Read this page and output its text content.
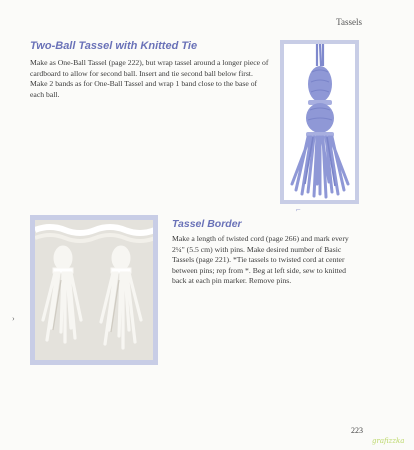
Tassels
Two-Ball Tassel with Knitted Tie
Make as One-Ball Tassel (page 222), but wrap tassel around a longer piece of cardboard to allow for second ball. Insert and tie second ball below first. Make 2 bands as for One-Ball Tassel and wrap 1 band close to the base of each ball.
⌐
Tassel Border
Make a length of twisted cord (page 266) and mark every 2¼" (5.5 cm) with pins. Make desired number of Basic Tassels (page 221). *Tie tassels to twisted cord at center between pins; rep from *. Beg at left side, sew to knitted back at each pin marker. Remove pins.
›
223
grafizzka
